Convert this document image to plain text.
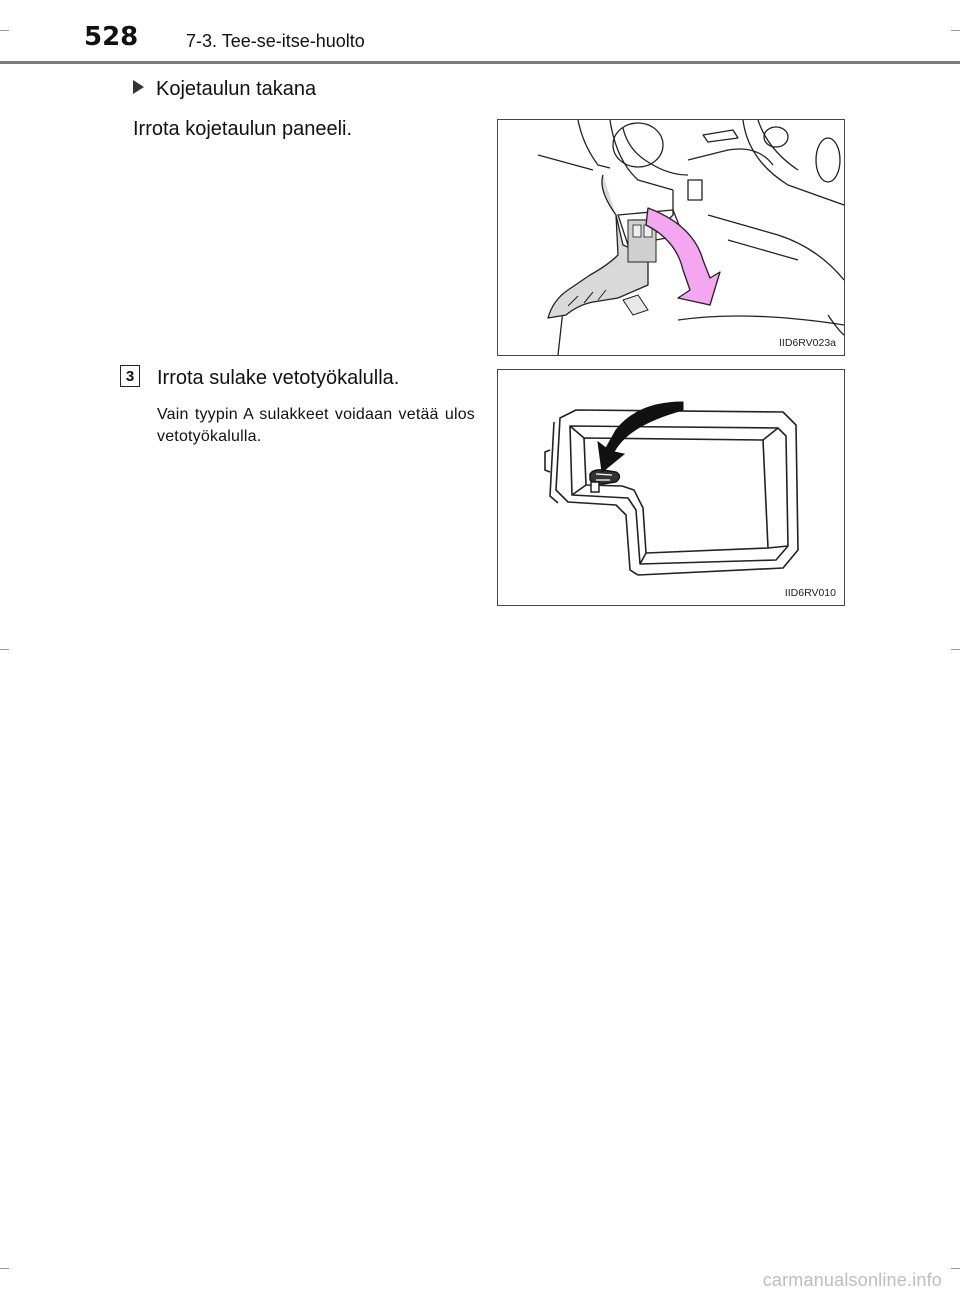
528	7-3. Tee-se-itse-huolto
Kojetaulun takana
Irrota kojetaulun paneeli.
IID6RV023a
3 Irrota sulake vetotyökalulla.
Vain tyypin A sulakkeet voidaan vetää ulos vetotyökalulla.
IID6RV010
carmanualsonline.info
